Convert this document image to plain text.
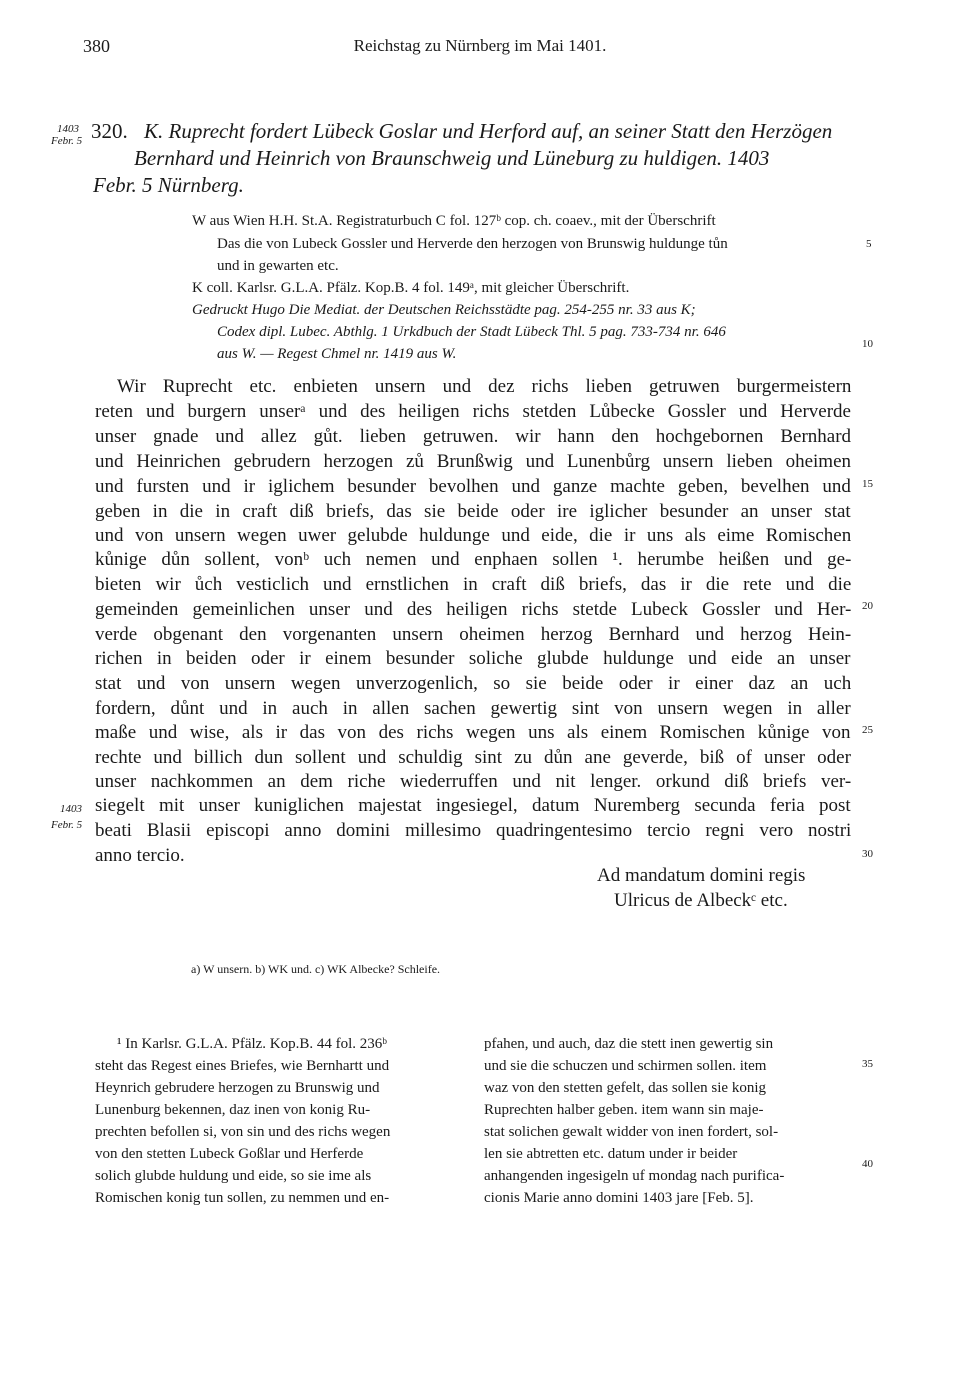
380	Reichstag zu Nürnberg im Mai 1401.
1403
Febr. 5 320. K. Ruprecht fordert Lübeck Goslar und Herford auf, an seiner Statt den Herzögen
Bernhard und Heinrich von Braunschweig und Lüneburg zu huldigen. 1403
Febr. 5 Nürnberg.
W aus Wien H.H. St.A. Registraturbuch C fol. 127ᵇ cop. ch. coaev., mit der Überschrift
Das die von Lubeck Gossler und Herverde den herzogen von Brunswig huldunge tůn
und in gewarten etc.
K coll. Karlsr. G.L.A. Pfälz. Kop.B. 4 fol. 149ᵃ, mit gleicher Überschrift.
Gedruckt Hugo Die Mediat. der Deutschen Reichsstädte pag. 254-255 nr. 33 aus K;
Codex dipl. Lubec. Abthlg. 1 Urkdbuch der Stadt Lübeck Thl. 5 pag. 733-734 nr. 646
aus W. — Regest Chmel nr. 1419 aus W.
5
10
15
20
25
30
35
40
Wir Ruprecht etc. enbieten unsern und dez richs lieben getruwen burgermeistern
reten und burgern unserᵃ und des heiligen richs stetden Lůbecke Gossler und Herverde
unser gnade und allez gůt. lieben getruwen. wir hann den hochgebornen Bernhard
und Heinrichen gebrudern herzogen zů Brunßwig und Lunenbůrg unsern lieben oheimen
und fursten und ir iglichem besunder bevolhen und ganze machte geben, bevelhen und
geben in die in craft diß briefs, das sie beide oder ire iglicher besunder an unser stat
und von unsern wegen uwer gelubde huldunge und eide, die ir uns als eime Romischen
kůnige důn sollent, vonᵇ uch nemen und enphaen sollen ¹. herumbe heißen und ge-
bieten wir ůch vesticlich und ernstlichen in craft diß briefs, das ir die rete und die
gemeinden gemeinlichen unser und des heiligen richs stetde Lubeck Gossler und Her-
verde obgenant den vorgenanten unsern oheimen herzog Bernhard und herzog Hein-
richen in beiden oder ir einem besunder soliche glubde huldunge und eide an unser
stat und von unsern wegen unverzogenlich, so sie beide oder ir einer daz an uch
fordern, důnt und in auch in allen sachen gewertig sint von unsern wegen in aller
maße und wise, als ir das von des richs wegen uns als einem Romischen kůnige von
rechte und billich dun sollent und schuldig sint zu důn ane geverde, biß of unser oder
unser nachkommen an dem riche wiederruffen und nit lenger. orkund diß briefs ver-
siegelt mit unser kuniglichen majestat ingesiegel, datum Nuremberg secunda feria post
beati Blasii episcopi anno domini millesimo quadringentesimo tercio regni vero nostri
anno tercio.
1403
Febr. 5
Ad mandatum domini regis
Ulricus de Albeckᶜ etc.
a) W unsern. b) WK und. c) WK Albecke? Schleife.
¹ In Karlsr. G.L.A. Pfälz. Kop.B. 44 fol. 236ᵇ
steht das Regest eines Briefes, wie Bernhartt und
Heynrich gebrudere herzogen zu Brunswig und
Lunenburg bekennen, daz inen von konig Ru-
prechten befollen si, von sin und des richs wegen
von den stetten Lubeck Goßlar und Herferde
solich glubde huldung und eide, so sie ime als
Romischen konig tun sollen, zu nemmen und en-
pfahen, und auch, daz die stett inen gewertig sin
und sie die schuczen und schirmen sollen. item
waz von den stetten gefelt, das sollen sie konig
Ruprechten halber geben. item wann sin maje-
stat solichen gewalt widder von inen fordert, sol-
len sie abtretten etc. datum under ir beider
anhangenden ingesigeln uf mondag nach purifica-
cionis Marie anno domini 1403 jare [Feb. 5].
